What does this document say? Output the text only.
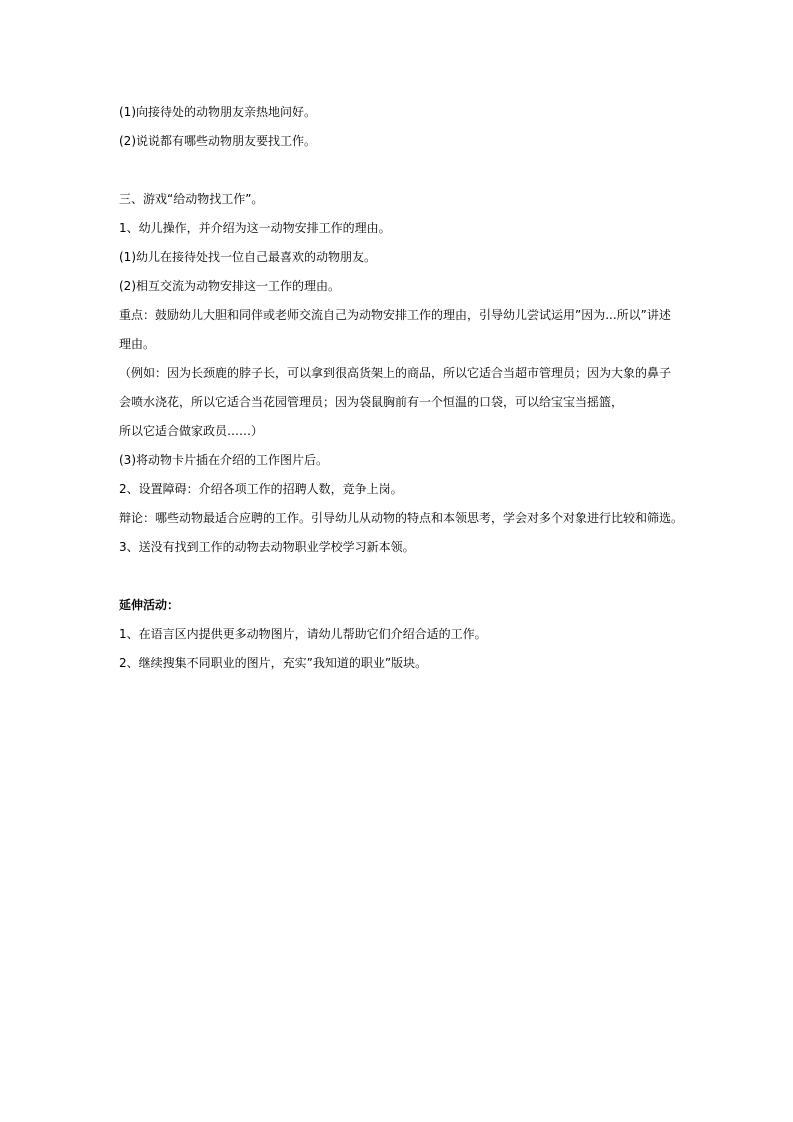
(1)向接待处的动物朋友亲热地问好。
(2)说说都有哪些动物朋友要找工作。
三、游戏“给动物找工作”。
1、幼儿操作，并介绍为这一动物安排工作的理由。
(1)幼儿在接待处找一位自己最喜欢的动物朋友。
(2)相互交流为动物安排这一工作的理由。
重点：鼓励幼儿大胆和同伴或老师交流自己为动物安排工作的理由，引导幼儿尝试运用”因为...所以”讲述
理由。
（例如：因为长颈鹿的脖子长，可以拿到很高货架上的商品，所以它适合当超市管理员；因为大象的鼻子
会喷水浇花，所以它适合当花园管理员；因为袋鼠胸前有一个恒温的口袋，可以给宝宝当摇篮，
所以它适合做家政员……）
(3)将动物卡片插在介绍的工作图片后。
2、设置障碍：介绍各项工作的招聘人数，竞争上岗。
辩论：哪些动物最适合应聘的工作。引导幼儿从动物的特点和本领思考，学会对多个对象进行比较和筛选。
3、送没有找到工作的动物去动物职业学校学习新本领。
延伸活动：
1、在语言区内提供更多动物图片，请幼儿帮助它们介绍合适的工作。
2、继续搜集不同职业的图片，充实”我知道的职业”版块。
